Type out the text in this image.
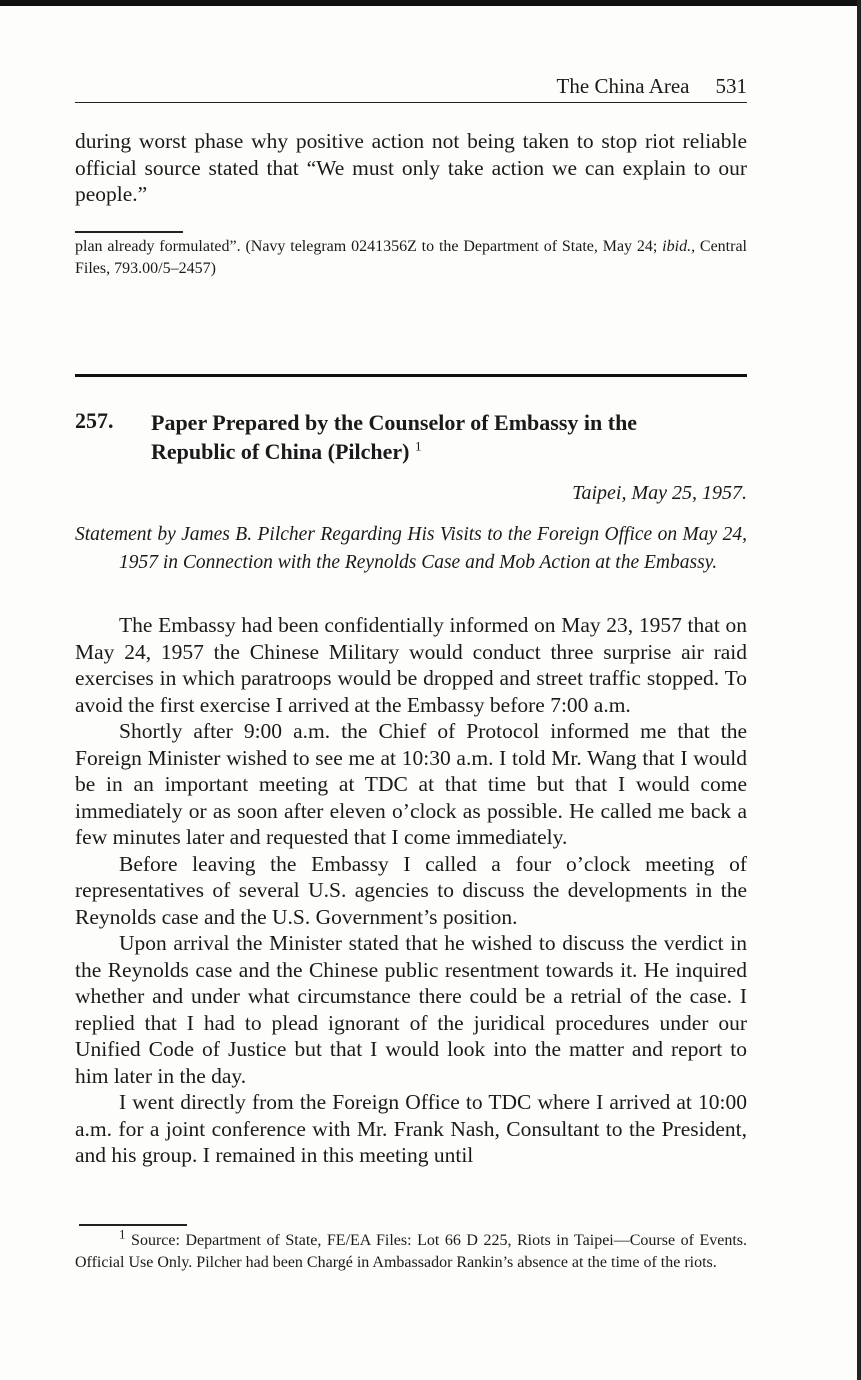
The China Area 531

during worst phase why positive action not being taken to stop riot reliable official source stated that “We must only take action we can explain to our people.”

plan already formulated”. (Navy telegram 0241356Z to the Department of State, May 24; ibid., Central Files, 793.00/5–2457)

257. Paper Prepared by the Counselor of Embassy in the Republic of China (Pilcher) $^1$
Taipei, May 25, 1957.
Statement by James B. Pilcher Regarding His Visits to the Foreign Office on May 24, 1957 in Connection with the Reynolds Case and Mob Action at the Embassy.

The Embassy had been confidentially informed on May 23, 1957 that on May 24, 1957 the Chinese Military would conduct three surprise air raid exercises in which paratroops would be dropped and street traffic stopped. To avoid the first exercise I arrived at the Embassy before 7:00 a.m.

Shortly after 9:00 a.m. the Chief of Protocol informed me that the Foreign Minister wished to see me at 10:30 a.m. I told Mr. Wang that I would be in an important meeting at TDC at that time but that I would come immediately or as soon after eleven o’clock as possible. He called me back a few minutes later and requested that I come immediately.

Before leaving the Embassy I called a four o’clock meeting of representatives of several U.S. agencies to discuss the developments in the Reynolds case and the U.S. Government’s position.

Upon arrival the Minister stated that he wished to discuss the verdict in the Reynolds case and the Chinese public resentment towards it. He inquired whether and under what circumstance there could be a retrial of the case. I replied that I had to plead ignorant of the juridical procedures under our Unified Code of Justice but that I would look into the matter and report to him later in the day.

I went directly from the Foreign Office to TDC where I arrived at 10:00 a.m. for a joint conference with Mr. Frank Nash, Consultant to the President, and his group. I remained in this meeting until

$^1$ Source: Department of State, FE/EA Files: Lot 66 D 225, Riots in Taipei—Course of Events. Official Use Only. Pilcher had been Chargé in Ambassador Rankin’s absence at the time of the riots.
